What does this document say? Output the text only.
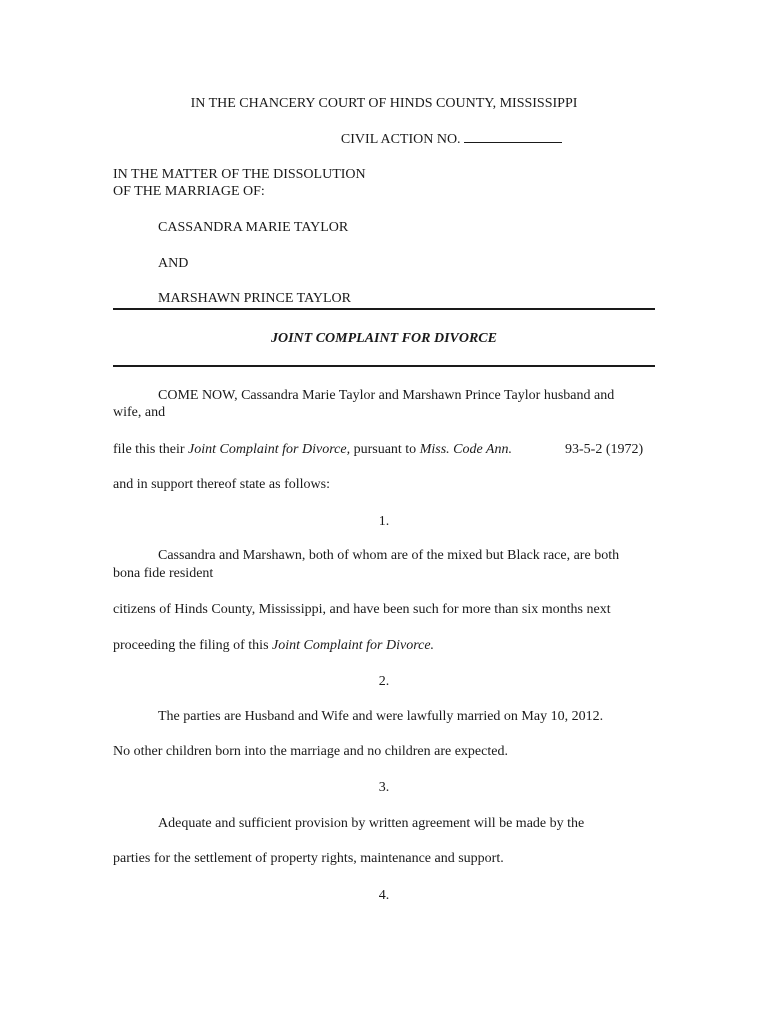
IN THE CHANCERY COURT OF HINDS COUNTY, MISSISSIPPI
CIVIL ACTION NO.
IN THE MATTER OF THE DISSOLUTION
OF THE MARRIAGE OF:
CASSANDRA MARIE TAYLOR
AND
MARSHAWN PRINCE TAYLOR
JOINT COMPLAINT FOR DIVORCE
COME NOW, Cassandra Marie Taylor and Marshawn Prince Taylor husband and
wife, and
file this their Joint Complaint for Divorce, pursuant to Miss. Code Ann.	93-5-2 (1972)
and in support thereof state as follows:
1.
Cassandra and Marshawn, both of whom are of the mixed but Black race, are both
bona fide resident
citizens of Hinds County, Mississippi, and have been such for more than six months next
proceeding the filing of this Joint Complaint for Divorce.
2.
The parties are Husband and Wife and were lawfully married on May 10, 2012.
No other children born into the marriage and no children are expected.
3.
Adequate and sufficient provision by written agreement will be made by the
parties for the settlement of property rights, maintenance and support.
4.
